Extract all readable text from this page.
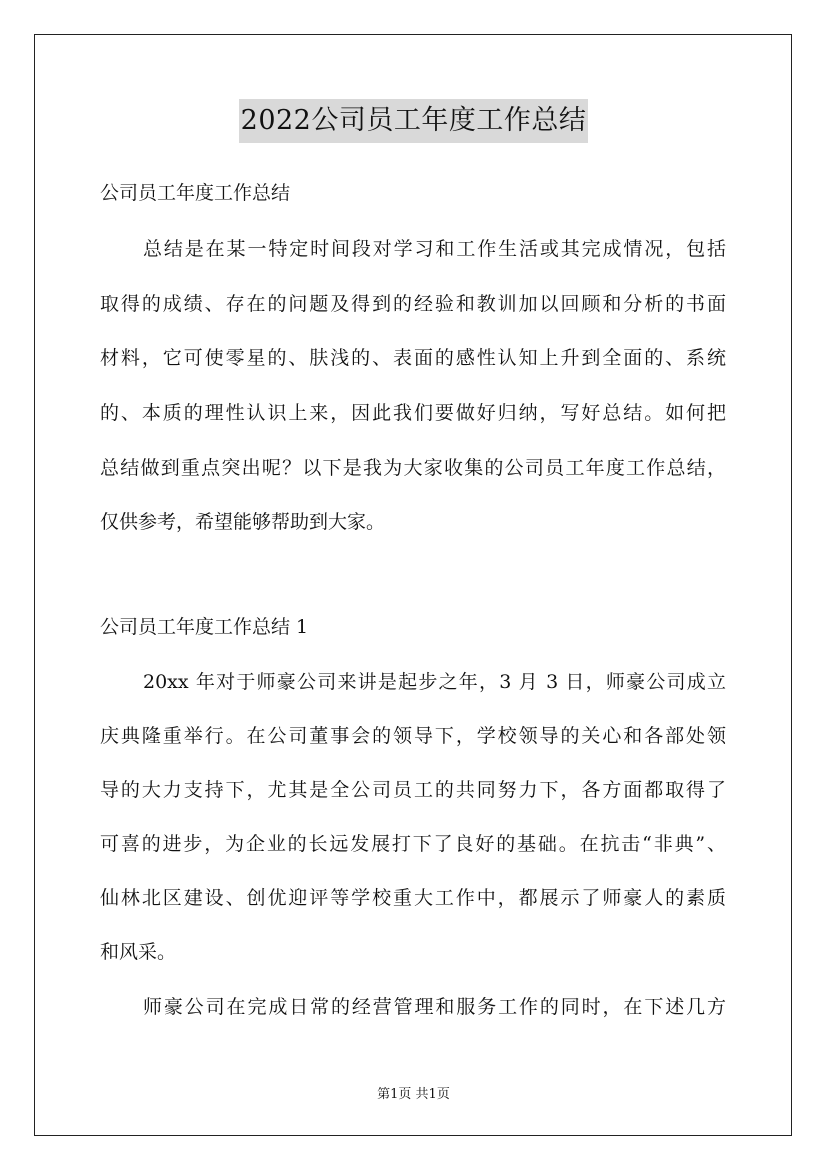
2022公司员工年度工作总结
公司员工年度工作总结
总结是在某一特定时间段对学习和工作生活或其完成情况，包括
取得的成绩、存在的问题及得到的经验和教训加以回顾和分析的书面
材料，它可使零星的、肤浅的、表面的感性认知上升到全面的、系统
的、本质的理性认识上来，因此我们要做好归纳，写好总结。如何把
总结做到重点突出呢？以下是我为大家收集的公司员工年度工作总结，
仅供参考，希望能够帮助到大家。
公司员工年度工作总结 1
20xx 年对于师豪公司来讲是起步之年，3 月 3 日，师豪公司成立
庆典隆重举行。在公司董事会的领导下，学校领导的关心和各部处领
导的大力支持下，尤其是全公司员工的共同努力下，各方面都取得了
可喜的进步，为企业的长远发展打下了良好的基础。在抗击“非典”、
仙林北区建设、创优迎评等学校重大工作中，都展示了师豪人的素质
和风采。
师豪公司在完成日常的经营管理和服务工作的同时，在下述几方
第1页 共1页
